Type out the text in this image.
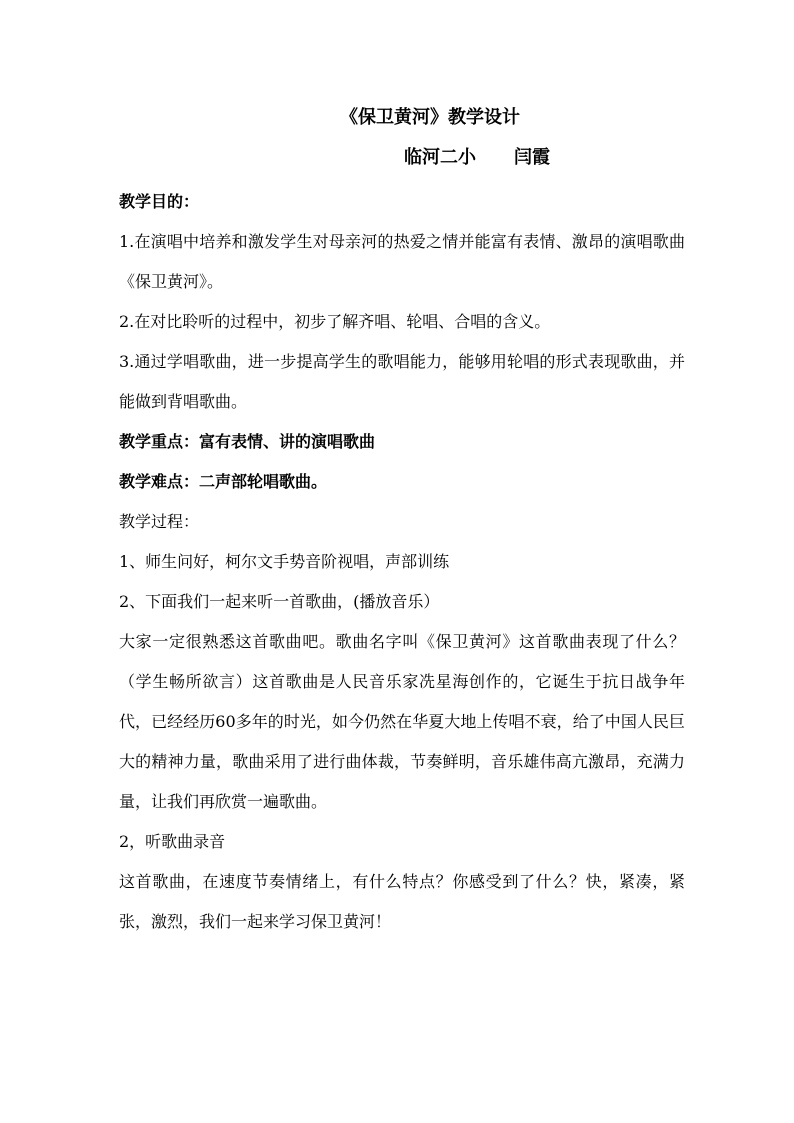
《保卫黄河》教学设计

临河二小 闫霞

教学目的：

1.在演唱中培养和激发学生对母亲河的热爱之情并能富有表情、激昂的演唱歌曲《保卫黄河》。

2.在对比聆听的过程中，初步了解齐唱、轮唱、合唱的含义。

3.通过学唱歌曲，进一步提高学生的歌唱能力，能够用轮唱的形式表现歌曲，并能做到背唱歌曲。

教学重点：富有表情、讲的演唱歌曲

教学难点：二声部轮唱歌曲。

教学过程：

1、师生问好，柯尔文手势音阶视唱，声部训练

2、下面我们一起来听一首歌曲，(播放音乐）

大家一定很熟悉这首歌曲吧。歌曲名字叫《保卫黄河》这首歌曲表现了什么？（学生畅所欲言）这首歌曲是人民音乐家冼星海创作的，它诞生于抗日战争年代，已经经历60多年的时光，如今仍然在华夏大地上传唱不衰，给了中国人民巨大的精神力量，歌曲采用了进行曲体裁，节奏鲜明，音乐雄伟高亢激昂，充满力量，让我们再欣赏一遍歌曲。

2，听歌曲录音

这首歌曲，在速度节奏情绪上，有什么特点？你感受到了什么？快，紧凑，紧张，激烈，我们一起来学习保卫黄河！
